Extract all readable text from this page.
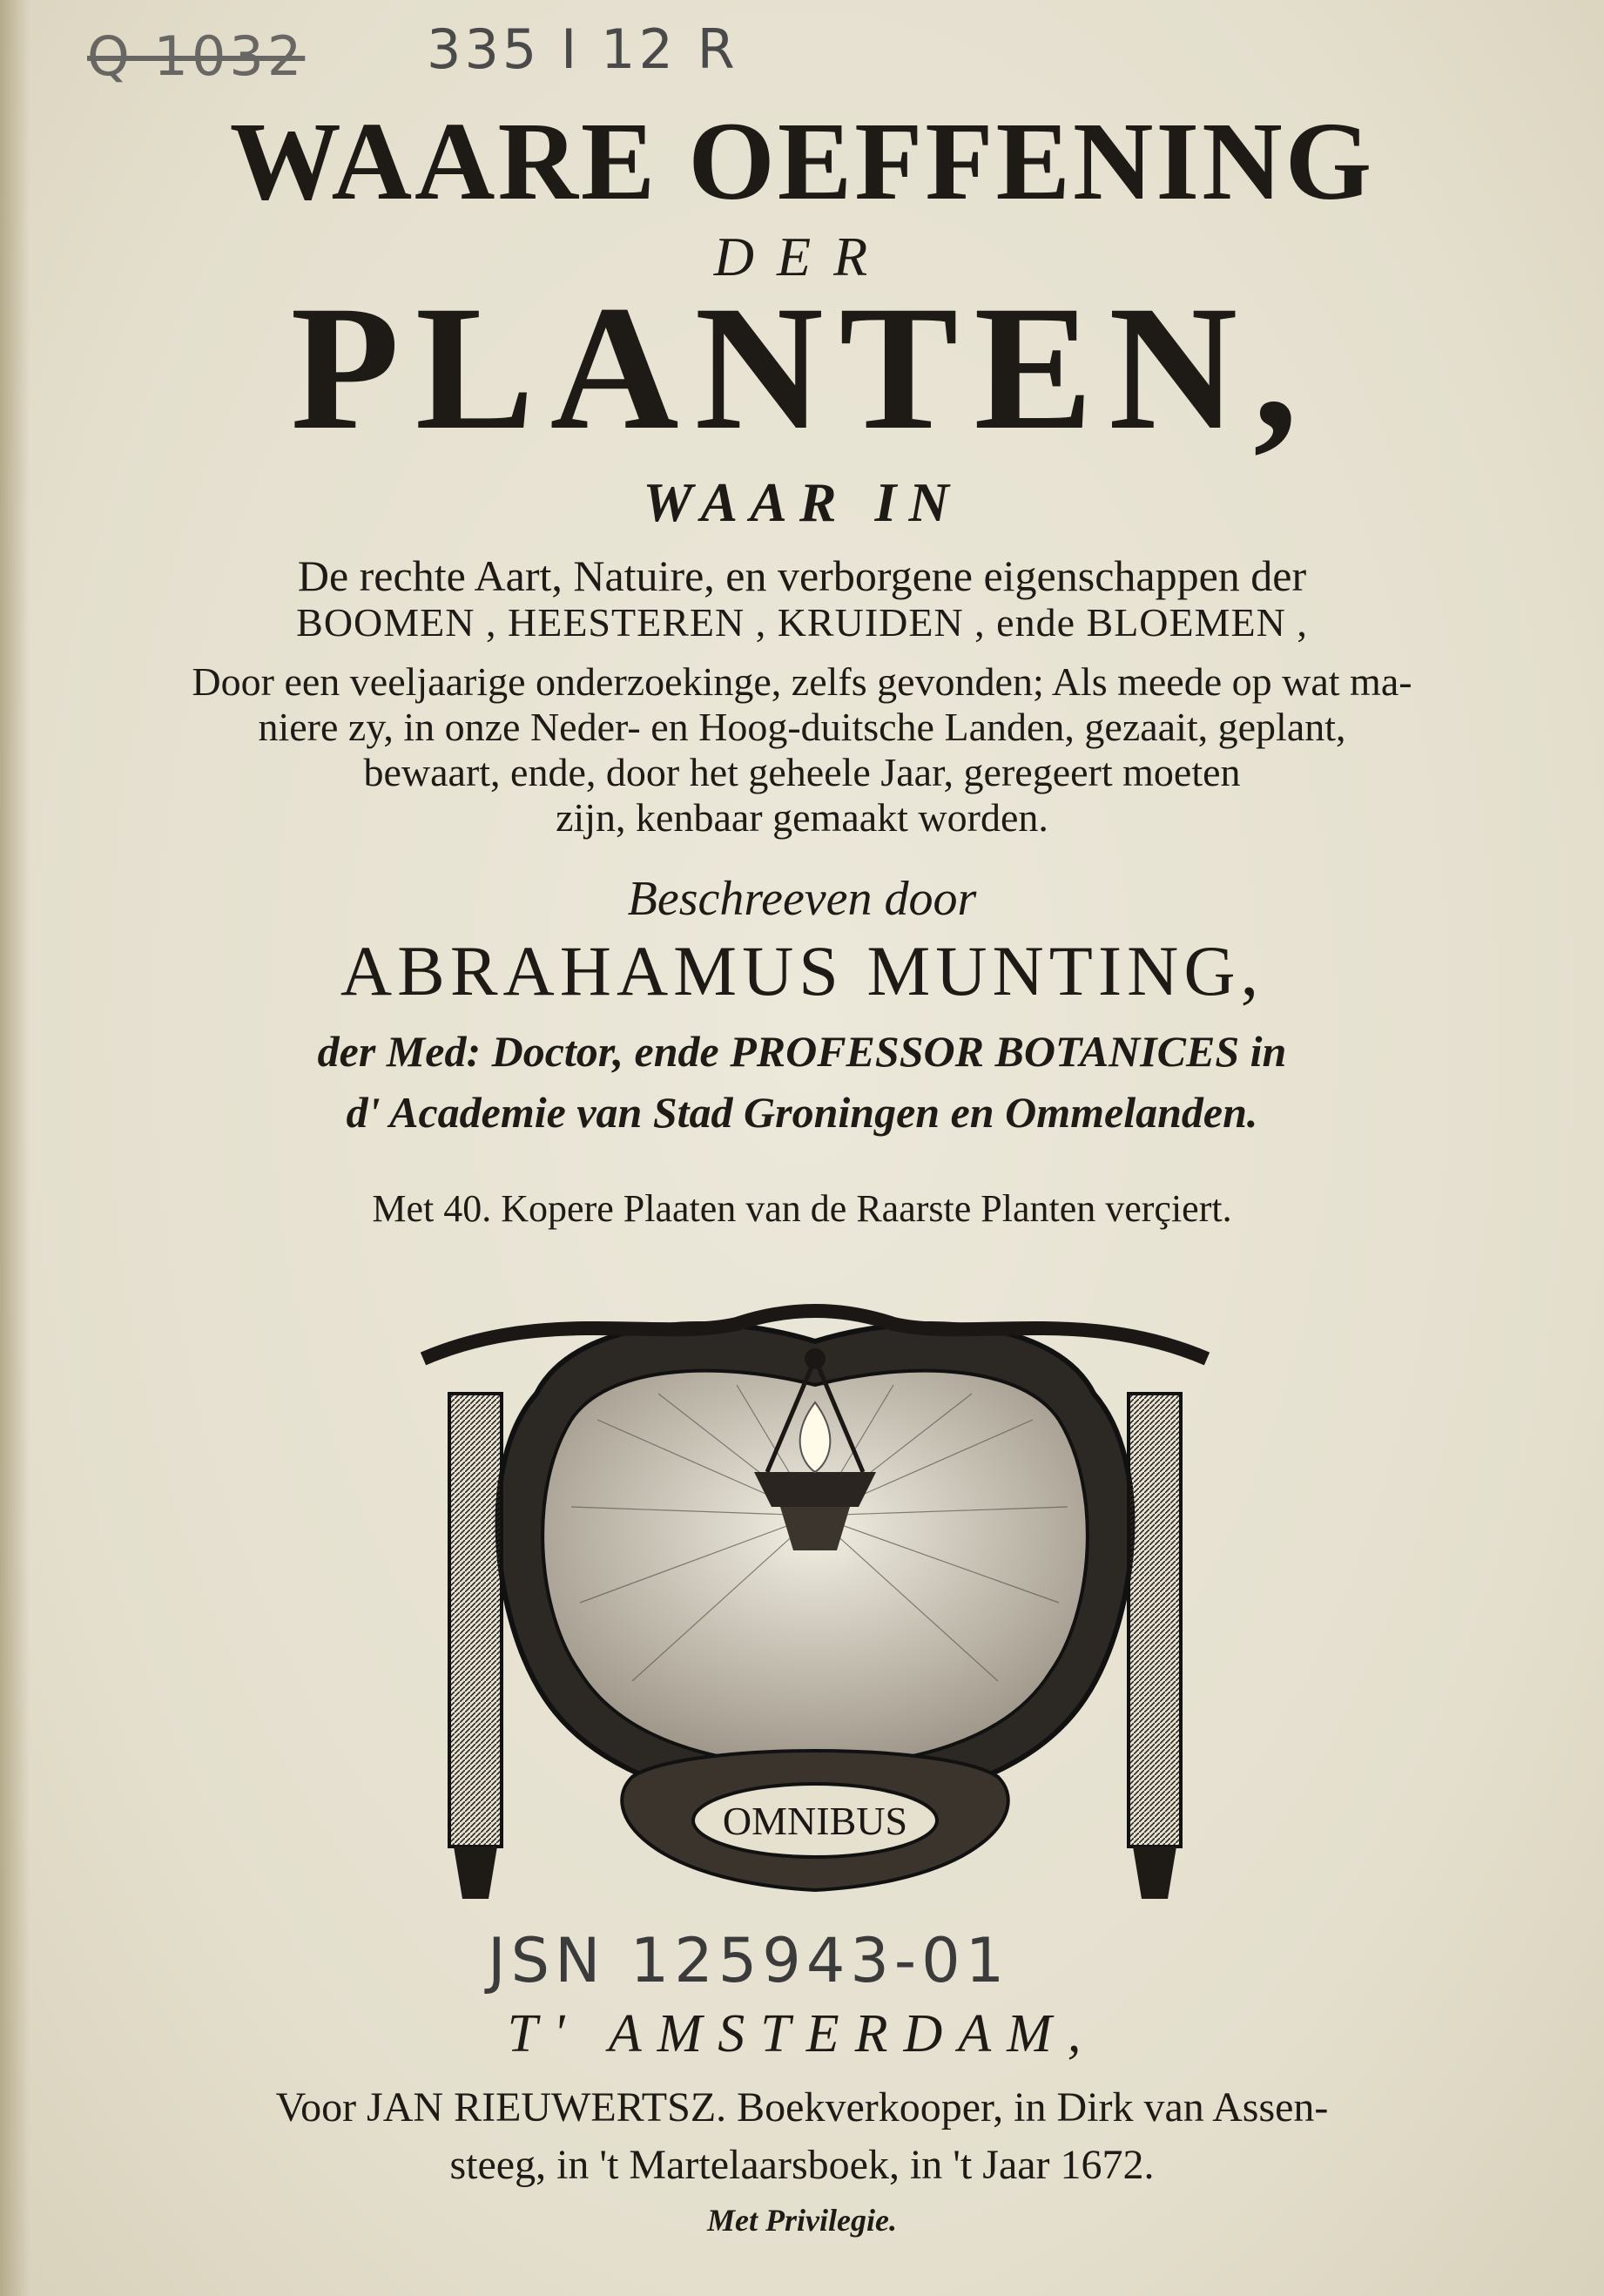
Q 1032 335 I 12 R
WAARE OEFFENING
DER
PLANTEN,
WAAR IN
De rechte Aart, Natuire, en verborgene eigenschappen der
BOOMEN , HEESTEREN , KRUIDEN , ende BLOEMEN ,
Door een veeljaarige onderzoekinge, zelfs gevonden; Als meede op wat ma-
niere zy, in onze Neder- en Hoog-duitsche Landen, gezaait, geplant,
bewaart, ende, door het geheele Jaar, geregeert moeten
zijn, kenbaar gemaakt worden.
Beschreeven door
ABRAHAMUS MUNTING,
der Med: Doctor, ende PROFESSOR BOTANICES in
d' Academie van Stad Groningen en Ommelanden.
Met 40. Kopere Plaaten van de Raarste Planten verçiert.
OMNIBUS
JSN 125943-01
T' AMSTERDAM,
Voor JAN RIEUWERTSZ. Boekverkooper, in Dirk van Assen-
steeg, in 't Martelaarsboek, in 't Jaar 1672.
Met Privilegie.
